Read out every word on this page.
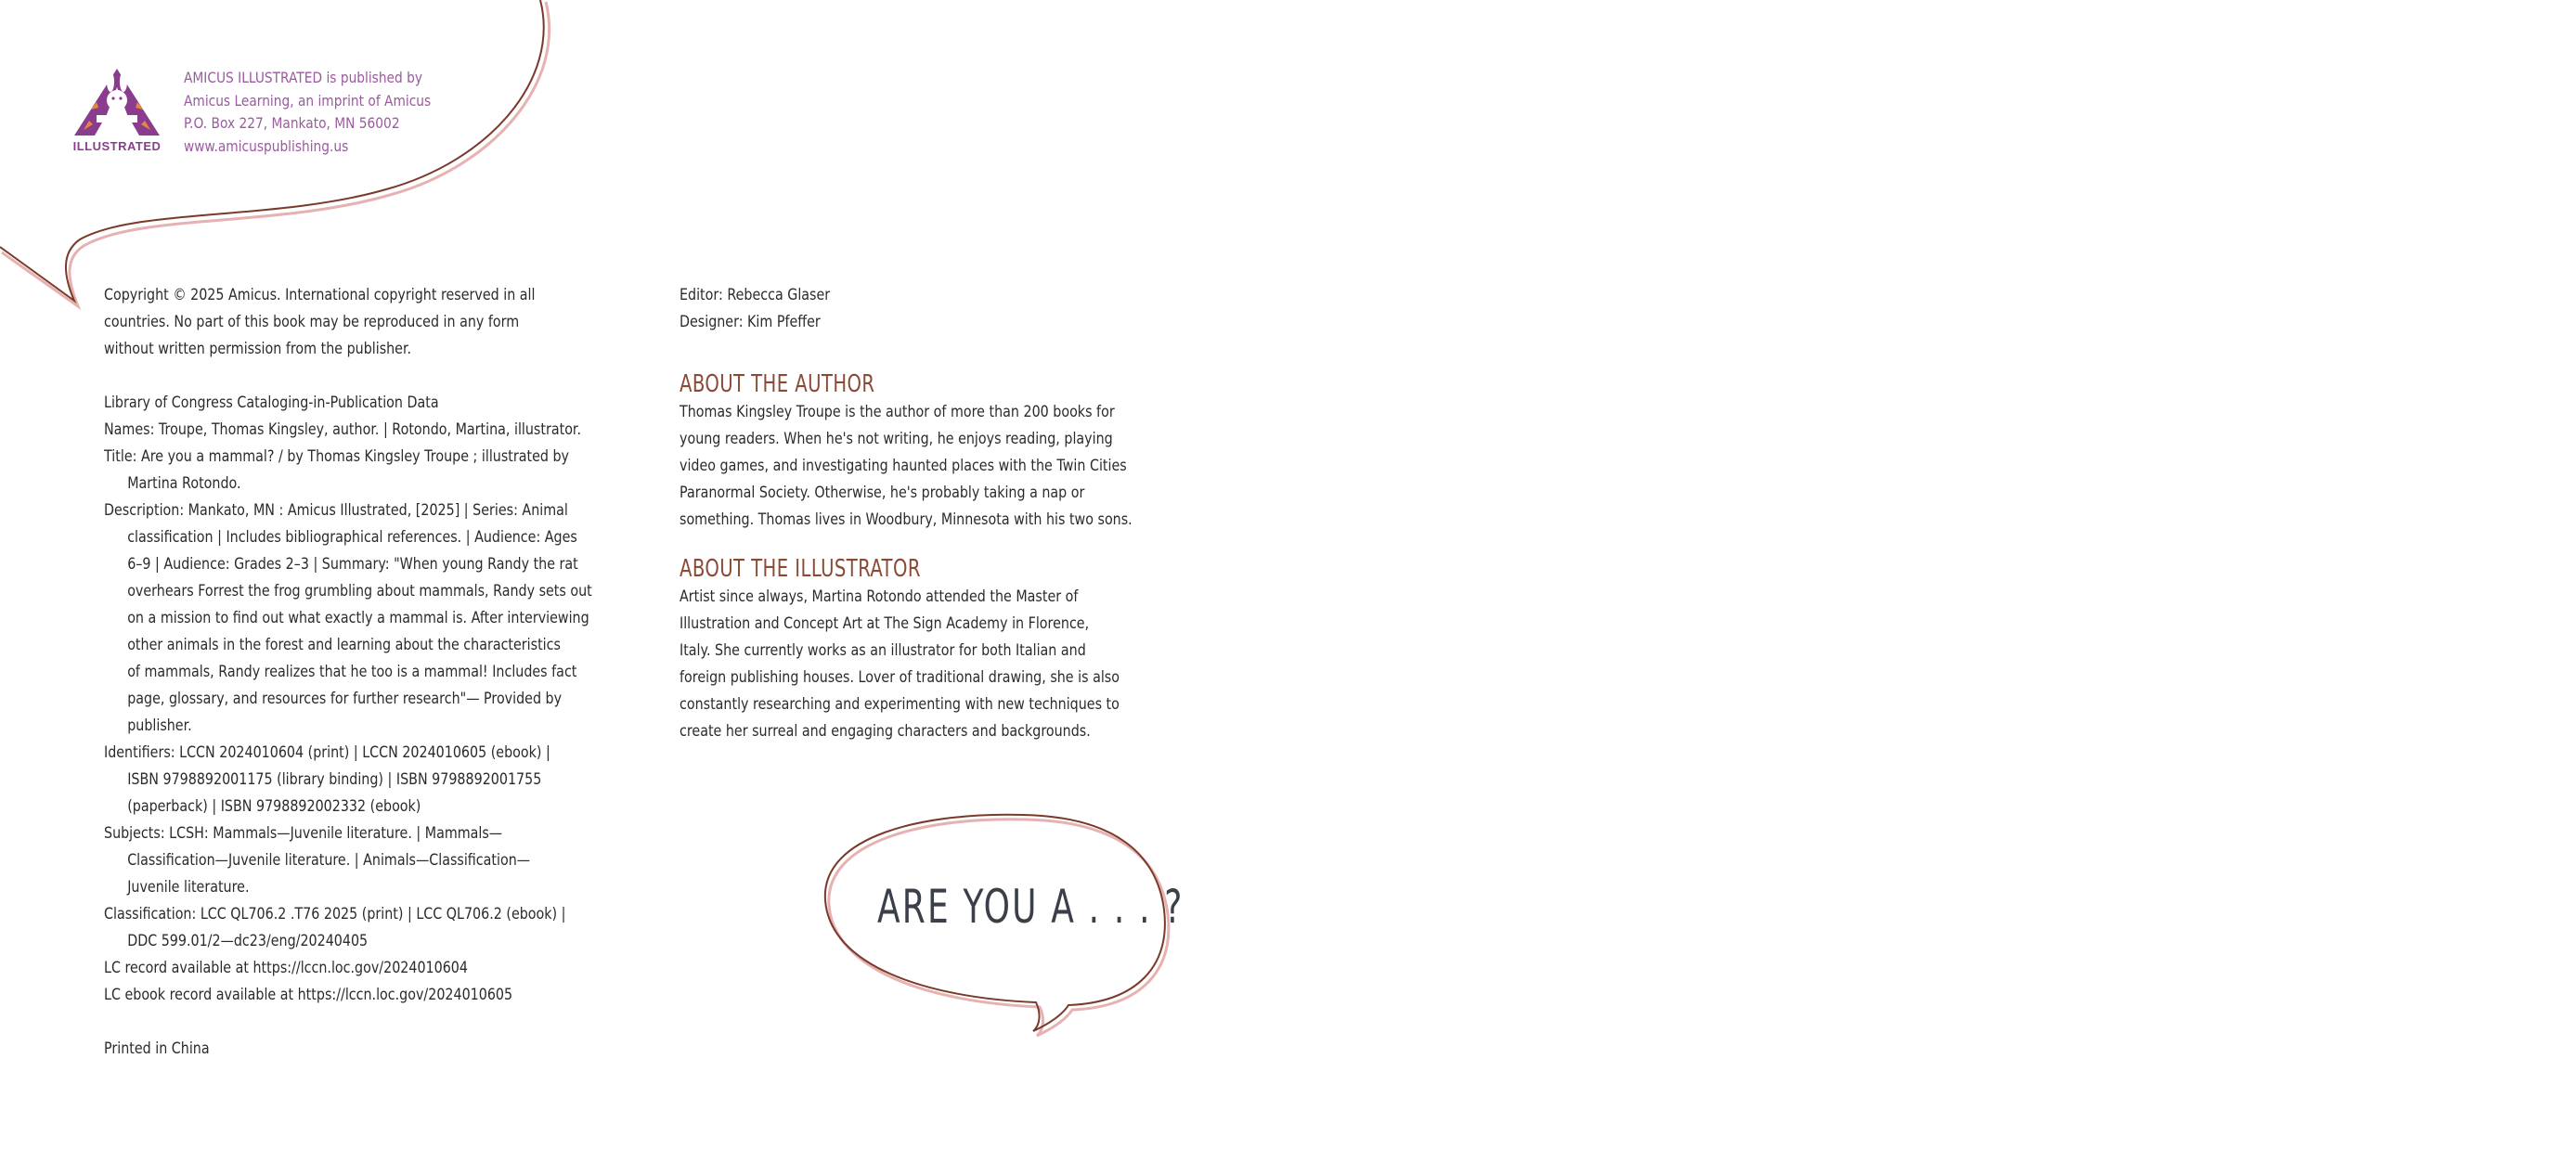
ILLUSTRATED
AMICUS ILLUSTRATED is published by
Amicus Learning, an imprint of Amicus
P.O. Box 227, Mankato, MN 56002
www.amicuspublishing.us

Copyright © 2025 Amicus. International copyright reserved in all

countries. No part of this book may be reproduced in any form

without written permission from the publisher.

Library of Congress Cataloging-in-Publication Data

Names: Troupe, Thomas Kingsley, author. | Rotondo, Martina, illustrator.

Title: Are you a mammal? / by Thomas Kingsley Troupe ; illustrated by

Martina Rotondo.

Description: Mankato, MN : Amicus Illustrated, [2025] | Series: Animal

classification | Includes bibliographical references. | Audience: Ages

6–9 | Audience: Grades 2–3 | Summary: "When young Randy the rat

overhears Forrest the frog grumbling about mammals, Randy sets out

on a mission to find out what exactly a mammal is. After interviewing

other animals in the forest and learning about the characteristics

of mammals, Randy realizes that he too is a mammal! Includes fact

page, glossary, and resources for further research"— Provided by

publisher.

Identifiers: LCCN 2024010604 (print) | LCCN 2024010605 (ebook) |

ISBN 9798892001175 (library binding) | ISBN 9798892001755

(paperback) | ISBN 9798892002332 (ebook)

Subjects: LCSH: Mammals—Juvenile literature. | Mammals—

Classification—Juvenile literature. | Animals—Classification—

Juvenile literature.

Classification: LCC QL706.2 .T76 2025 (print) | LCC QL706.2 (ebook) |

DDC 599.01/2—dc23/eng/20240405

LC record available at https://lccn.loc.gov/2024010604

LC ebook record available at https://lccn.loc.gov/2024010605

Printed in China

Editor: Rebecca Glaser

Designer: Kim Pfeffer

ABOUT THE AUTHOR

Thomas Kingsley Troupe is the author of more than 200 books for

young readers. When he's not writing, he enjoys reading, playing

video games, and investigating haunted places with the Twin Cities

Paranormal Society. Otherwise, he's probably taking a nap or

something. Thomas lives in Woodbury, Minnesota with his two sons.

ABOUT THE ILLUSTRATOR

Artist since always, Martina Rotondo attended the Master of

Illustration and Concept Art at The Sign Academy in Florence,

Italy. She currently works as an illustrator for both Italian and

foreign publishing houses. Lover of traditional drawing, she is also

constantly researching and experimenting with new techniques to

create her surreal and engaging characters and backgrounds.

ARE YOU A . . . ?
